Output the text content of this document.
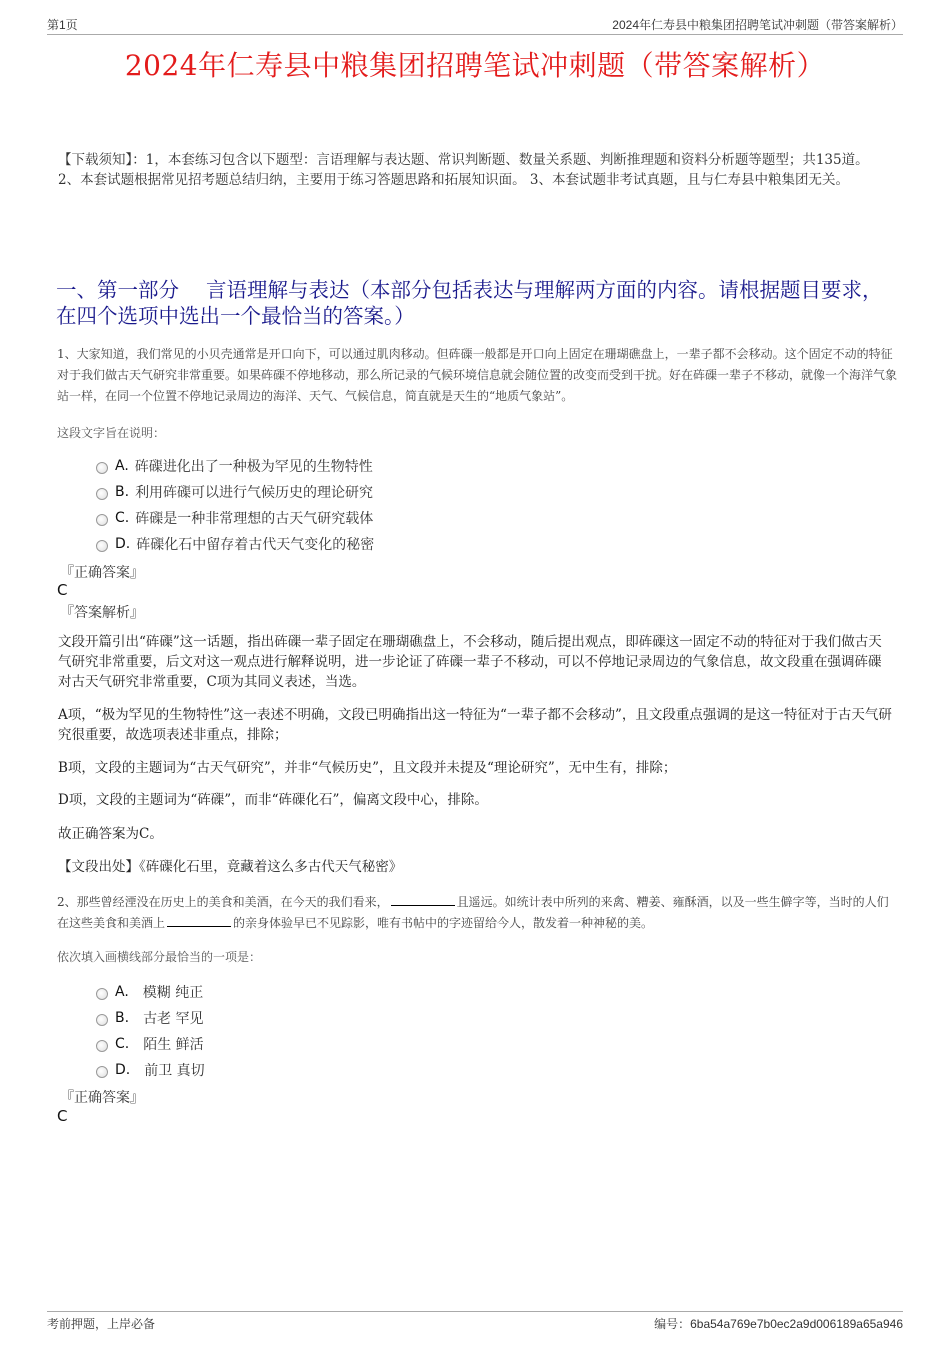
第1页	2024年仁寿县中粮集团招聘笔试冲刺题（带答案解析）
2024年仁寿县中粮集团招聘笔试冲刺题（带答案解析）
【下载须知】：1，本套练习包含以下题型：言语理解与表达题、常识判断题、数量关系题、判断推理题和资料分析题等题型；共135道。 2、本套试题根据常见招考题总结归纳，主要用于练习答题思路和拓展知识面。 3、本套试题非考试真题，且与仁寿县中粮集团无关。
一、第一部分　 言语理解与表达（本部分包括表达与理解两方面的内容。请根据题目要求，在四个选项中选出一个最恰当的答案。）
1、大家知道，我们常见的小贝壳通常是开口向下，可以通过肌肉移动。但砗磲一般都是开口向上固定在珊瑚礁盘上，一辈子都不会移动。这个固定不动的特征对于我们做古天气研究非常重要。如果砗磲不停地移动，那么所记录的气候环境信息就会随位置的改变而受到干扰。好在砗磲一辈子不移动，就像一个海洋气象站一样，在同一个位置不停地记录周边的海洋、天气、气候信息，简直就是天生的“地质气象站”。
这段文字旨在说明：
A. 砗磲进化出了一种极为罕见的生物特性
B. 利用砗磲可以进行气候历史的理论研究
C. 砗磲是一种非常理想的古天气研究载体
D. 砗磲化石中留存着古代天气变化的秘密
『正确答案』
C
『答案解析』
文段开篇引出“砗磲”这一话题，指出砗磲一辈子固定在珊瑚礁盘上，不会移动，随后提出观点，即砗磲这一固定不动的特征对于我们做古天气研究非常重要，后文对这一观点进行解释说明，进一步论证了砗磲一辈子不移动，可以不停地记录周边的气象信息，故文段重在强调砗磲对古天气研究非常重要，C项为其同义表述，当选。
A项，“极为罕见的生物特性”这一表述不明确，文段已明确指出这一特征为“一辈子都不会移动”，且文段重点强调的是这一特征对于古天气研究很重要，故选项表述非重点，排除；
B项，文段的主题词为“古天气研究”，并非“气候历史”，且文段并未提及“理论研究”，无中生有，排除；
D项，文段的主题词为“砗磲”，而非“砗磲化石”，偏离文段中心，排除。
故正确答案为C。
【文段出处】《砗磲化石里，竟藏着这么多古代天气秘密》
2、那些曾经湮没在历史上的美食和美酒，在今天的我们看来，	且遥远。如统计表中所列的来禽、糟姜、雍酥酒，以及一些生僻字等，当时的人们在这些美食和美酒上	的亲身体验早已不见踪影，唯有书帖中的字迹留给今人，散发着一种神秘的美。
依次填入画横线部分最恰当的一项是：
A. 模糊 纯正
B. 古老 罕见
C. 陌生 鲜活
D. 前卫 真切
『正确答案』
C
考前押题，上岸必备	编号：6ba54a769e7b0ec2a9d006189a65a946
